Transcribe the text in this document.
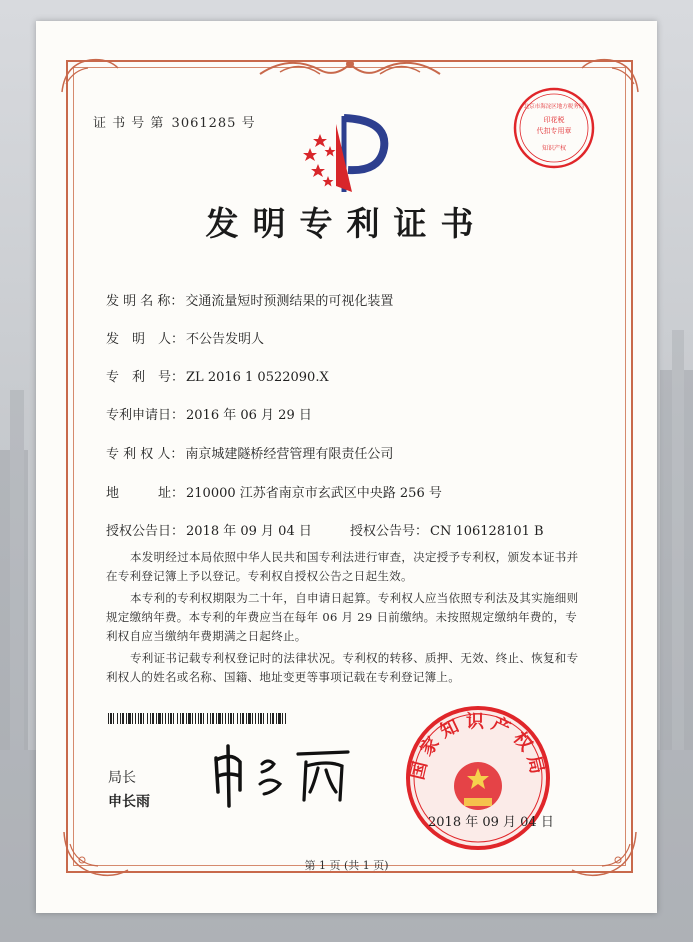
证 书 号 第 3061285 号	印花税
代扣专用章
北京市海淀区地方税务局
知识产权
发明专利证书
发 明 名 称： 交通流量短时预测结果的可视化装置
发　明　人： 不公告发明人
专　利　号： ZL 2016 1 0522090.X
专利申请日： 2016 年 06 月 29 日
专 利 权 人： 南京城建隧桥经营管理有限责任公司
地　　　址： 210000 江苏省南京市玄武区中央路 256 号
授权公告日： 2018 年 09 月 04 日	授权公告号： CN 106128101 B
本发明经过本局依照中华人民共和国专利法进行审查，决定授予专利权，颁发本证书并在专利登记簿上予以登记。专利权自授权公告之日起生效。
本专利的专利权期限为二十年，自申请日起算。专利权人应当依照专利法及其实施细则规定缴纳年费。本专利的年费应当在每年 06 月 29 日前缴纳。未按照规定缴纳年费的，专利权自应当缴纳年费期满之日起终止。
专利证书记载专利权登记时的法律状况。专利权的转移、质押、无效、终止、恢复和专利权人的姓名或名称、国籍、地址变更等事项记载在专利登记簿上。
局长
申长雨
国家知识产权局
2018 年 09 月 04 日
第 1 页 (共 1 页)
